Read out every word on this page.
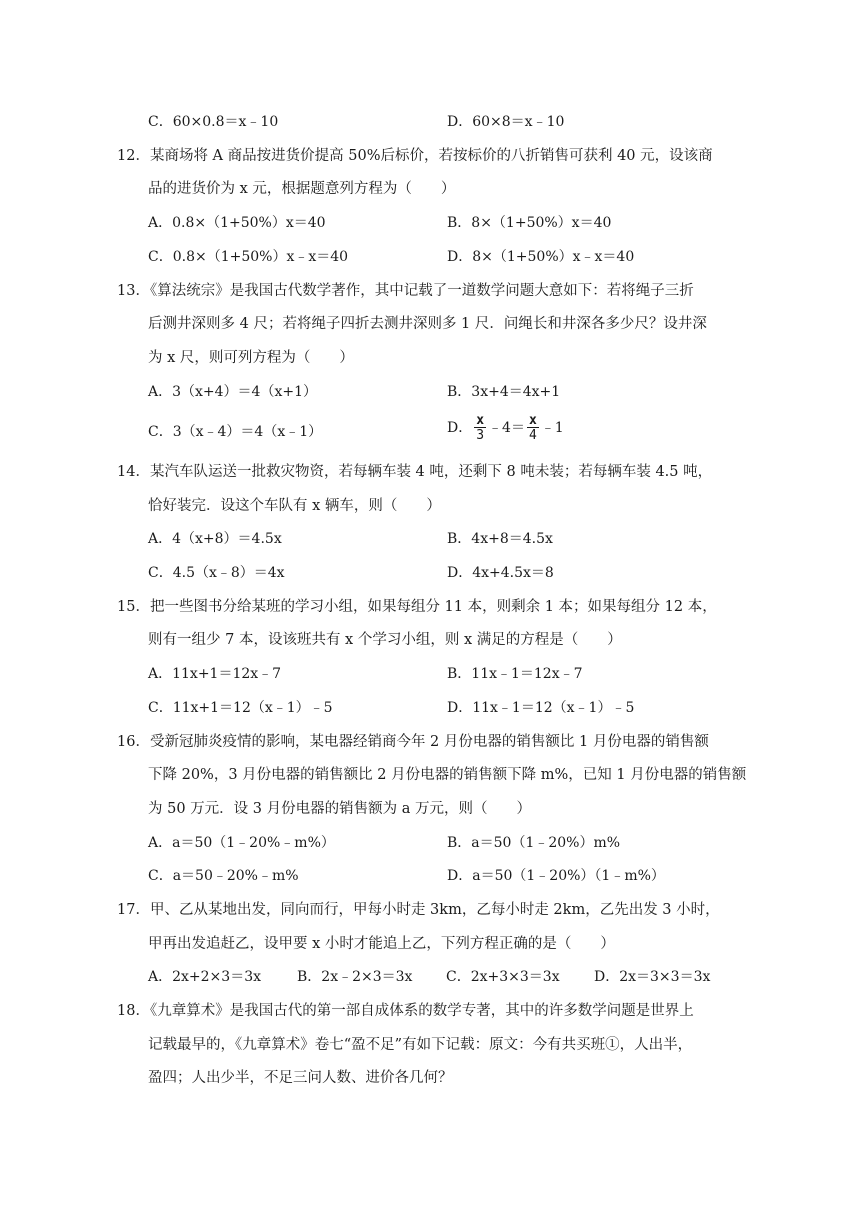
C．60×0.8＝x﹣10	D．60×8＝x﹣10
12．某商场将 A 商品按进货价提高 50%后标价，若按标价的八折销售可获利 40 元，设该商
品的进货价为 x 元，根据题意列方程为（　　）
A．0.8×（1+50%）x＝40	B．8×（1+50%）x＝40
C．0.8×（1+50%）x﹣x＝40	D．8×（1+50%）x﹣x＝40
13．《算法统宗》是我国古代数学著作，其中记载了一道数学问题大意如下：若将绳子三折
后测井深则多 4 尺；若将绳子四折去测井深则多 1 尺．问绳长和井深各多少尺？设井深
为 x 尺，则可列方程为（　　）
A．3（x+4）＝4（x+1）	B．3x+4＝4x+1
C．3（x﹣4）＝4（x﹣1）	D． $\frac{x}{3}$ ﹣4＝ $\frac{x}{4}$ ﹣1
14．某汽车队运送一批救灾物资，若每辆车装 4 吨，还剩下 8 吨未装；若每辆车装 4.5 吨，
恰好装完．设这个车队有 x 辆车，则（　　）
A．4（x+8）＝4.5x	B．4x+8＝4.5x
C．4.5（x﹣8）＝4x	D．4x+4.5x＝8
15．把一些图书分给某班的学习小组，如果每组分 11 本，则剩余 1 本；如果每组分 12 本，
则有一组少 7 本，设该班共有 x 个学习小组，则 x 满足的方程是（　　）
A．11x+1＝12x﹣7	B．11x﹣1＝12x﹣7
C．11x+1＝12（x﹣1）﹣5	D．11x﹣1＝12（x﹣1）﹣5
16．受新冠肺炎疫情的影响，某电器经销商今年 2 月份电器的销售额比 1 月份电器的销售额
下降 20%，3 月份电器的销售额比 2 月份电器的销售额下降 m%，已知 1 月份电器的销售额
为 50 万元．设 3 月份电器的销售额为 a 万元，则（　　）
A．a＝50（1﹣20%﹣m%）	B．a＝50（1﹣20%）m%
C．a＝50﹣20%﹣m%	D．a＝50（1﹣20%）（1﹣m%）
17．甲、乙从某地出发，同向而行，甲每小时走 3km，乙每小时走 2km，乙先出发 3 小时，
甲再出发追赶乙，设甲要 x 小时才能追上乙，下列方程正确的是（　　）
A．2x+2×3＝3x	B．2x﹣2×3＝3x C．2x+3×3＝3x D．2x＝3×3＝3x
18．《九章算术》是我国古代的第一部自成体系的数学专著，其中的许多数学问题是世界上
记载最早的，《九章算术》卷七“盈不足”有如下记载：原文：今有共买班①，人出半，
盈四；人出少半，不足三问人数、进价各几何？
